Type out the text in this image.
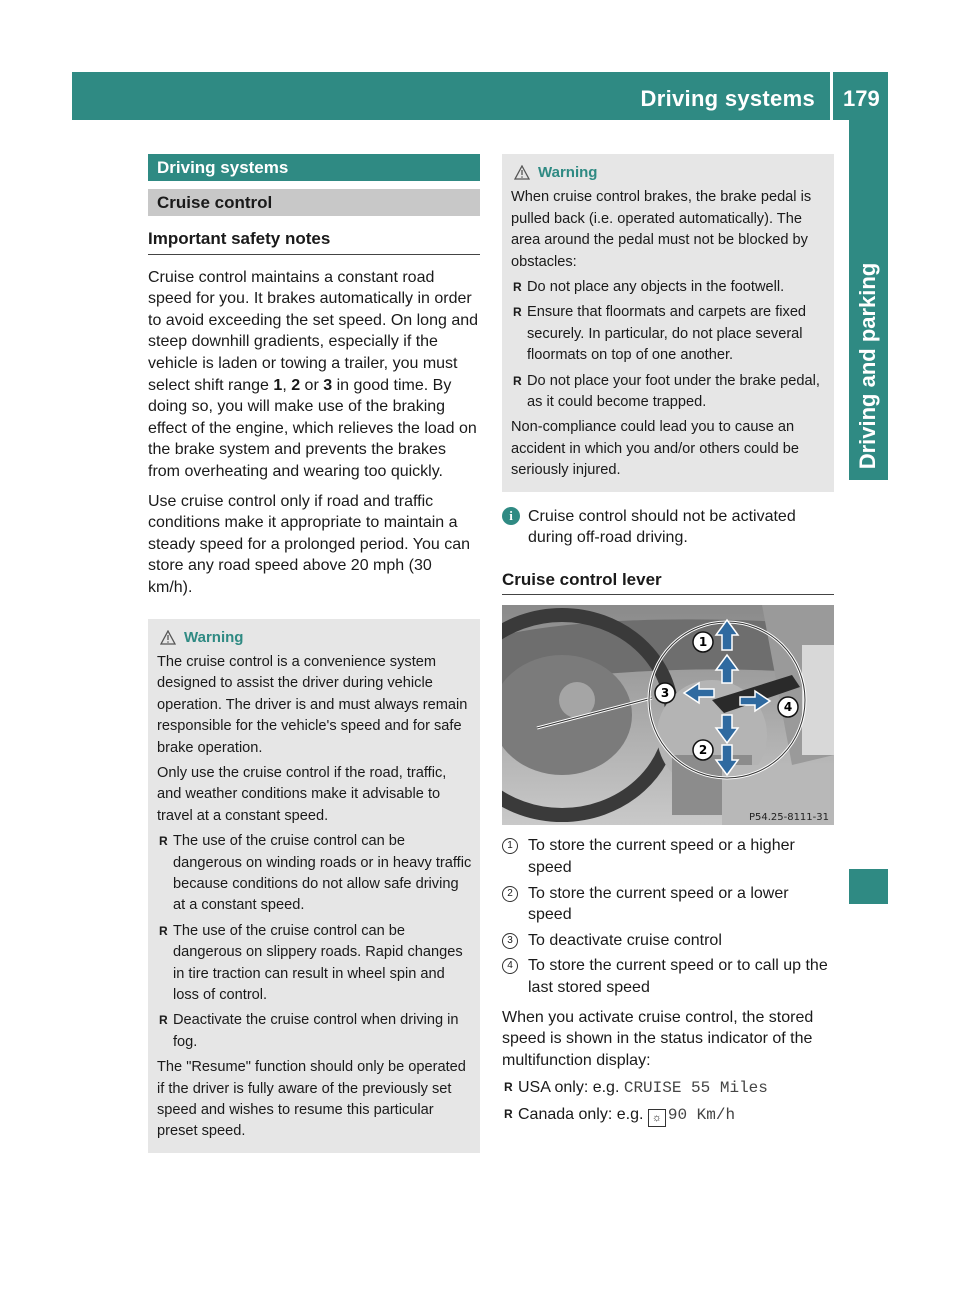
Driving systems 179
Driving and parking
Driving systems
Cruise control
Important safety notes

Cruise control maintains a constant road speed for you. It brakes automatically in order to avoid exceeding the set speed. On long and steep downhill gradients, especially if the vehicle is laden or towing a trailer, you must select shift range 1, 2 or 3 in good time. By doing so, you will make use of the braking effect of the engine, which relieves the load on the brake system and prevents the brakes from overheating and wearing too quickly.

Use cruise control only if road and traffic conditions make it appropriate to maintain a steady speed for a prolonged period. You can store any road speed above 20 mph (30 km/h).

Warning

The cruise control is a convenience system designed to assist the driver during vehicle operation. The driver is and must always remain responsible for the vehicle's speed and for safe brake operation.

Only use the cruise control if the road, traffic, and weather conditions make it advisable to travel at a constant speed.

R The use of the cruise control can be dangerous on winding roads or in heavy traffic because conditions do not allow safe driving at a constant speed.
R The use of the cruise control can be dangerous on slippery roads. Rapid changes in tire traction can result in wheel spin and loss of control.
R Deactivate the cruise control when driving in fog.

The "Resume" function should only be operated if the driver is fully aware of the previously set speed and wishes to resume this particular preset speed.

Warning

When cruise control brakes, the brake pedal is pulled back (i.e. operated automatically). The area around the pedal must not be blocked by obstacles:

R Do not place any objects in the footwell.
R Ensure that floormats and carpets are fixed securely. In particular, do not place several floormats on top of one another.
R Do not place your foot under the brake pedal, as it could become trapped.

Non-compliance could lead you to cause an accident in which you and/or others could be seriously injured.

i Cruise control should not be activated during off-road driving.
Cruise control lever
1
2
3
4
P54.25-8111-31
1 To store the current speed or a higher speed
2 To store the current speed or a lower speed
3 To deactivate cruise control
4 To store the current speed or to call up the last stored speed

When you activate cruise control, the stored speed is shown in the status indicator of the multifunction display:

R USA only: e.g. CRUISE 55 Miles
R Canada only: e.g. ☼ 90 Km/h
